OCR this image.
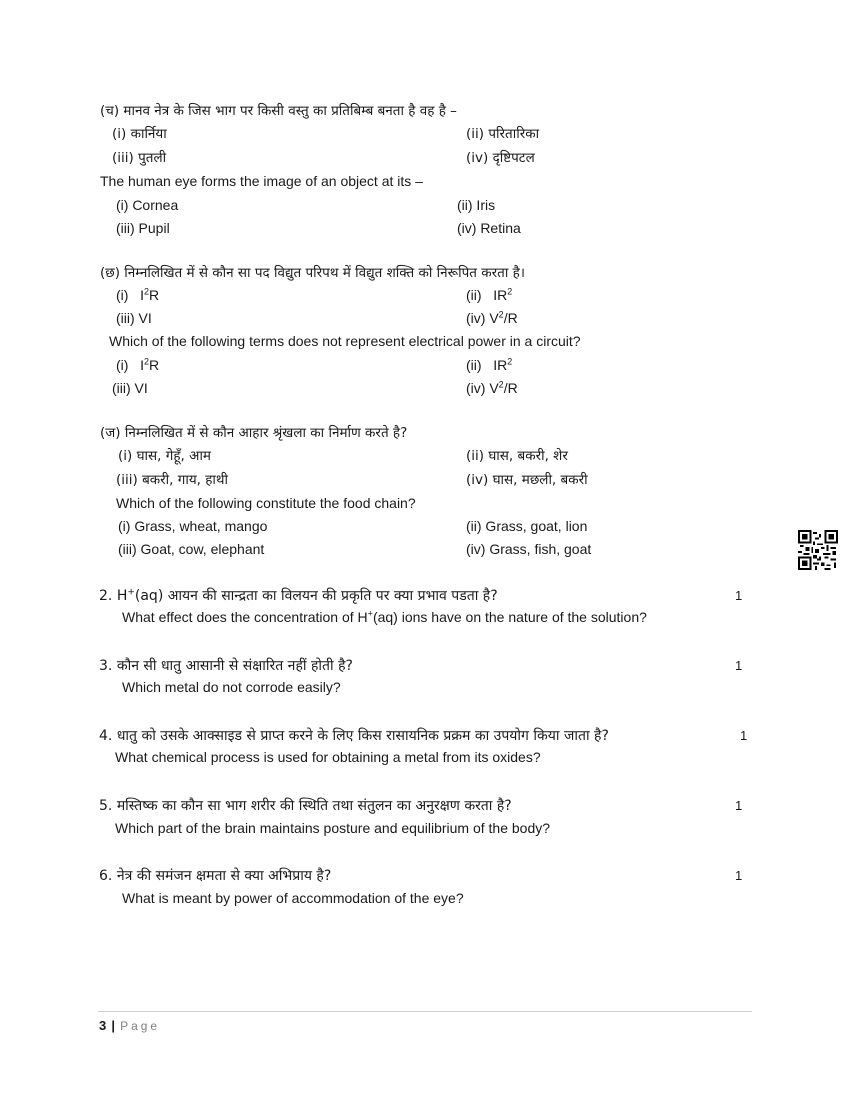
(च) मानव नेत्र के जिस भाग पर किसी वस्तु का प्रतिबिम्ब बनता है वह है –
(i) कार्निया	(ii) परितारिका
(iii) पुतली	(iv) दृष्टिपटल
The human eye forms the image of an object at its –
(i) Cornea	(ii) Iris
(iii) Pupil	(iv) Retina
(छ) निम्नलिखित में से कौन सा पद विद्युत परिपथ में विद्युत शक्ति को निरूपित करता है।
(i) $I^2R$	(ii) $IR^2$
(iii) VI	(iv) $V^2/R$
Which of the following terms does not represent electrical power in a circuit?
(i) $I^2R$	(ii) $IR^2$
(iii) VI	(iv) $V^2/R$
(ज) निम्नलिखित में से कौन आहार श्रृंखला का निर्माण करते है?
(i) घास, गेहूँ, आम	(ii) घास, बकरी, शेर
(iii) बकरी, गाय, हाथी	(iv) घास, मछली, बकरी
Which of the following constitute the food chain?
(i) Grass, wheat, mango	(ii) Grass, goat, lion
(iii) Goat, cow, elephant	(iv) Grass, fish, goat
2. H+(aq) आयन की सान्द्रता का विलयन की प्रकृति पर क्या प्रभाव पडता है?	1
What effect does the concentration of H+(aq) ions have on the nature of the solution?
3. कौन सी धातु आसानी से संक्षारित नहीं होती है?	1
Which metal do not corrode easily?
4. धातु को उसके आक्साइड से प्राप्त करने के लिए किस रासायनिक प्रक्रम का उपयोग किया जाता है?	1
What chemical process is used for obtaining a metal from its oxides?
5. मस्तिष्क का कौन सा भाग शरीर की स्थिति तथा संतुलन का अनुरक्षण करता है?	1
Which part of the brain maintains posture and equilibrium of the body?
6. नेत्र की समंजन क्षमता से क्या अभिप्राय है?	1
What is meant by power of accommodation of the eye?
3 | Page
